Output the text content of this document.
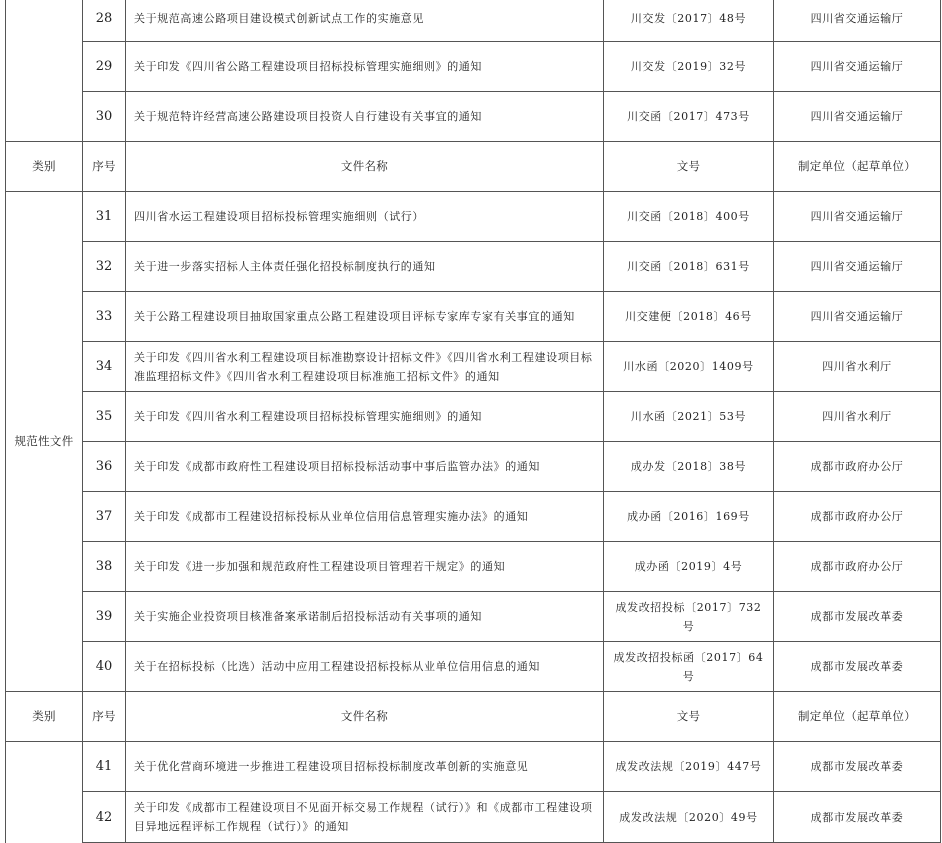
	28	关于规范高速公路项目建设模式创新试点工作的实施意见	川交发〔2017〕48号	四川省交通运输厅
	29	关于印发《四川省公路工程建设项目招标投标管理实施细则》的通知	川交发〔2019〕32号	四川省交通运输厅
	30	关于规范特许经营高速公路建设项目投资人自行建设有关事宜的通知	川交函〔2017〕473号	四川省交通运输厅
类别	序号	文件名称	文号	制定单位（起草单位）
规范性文件	31	四川省水运工程建设项目招标投标管理实施细则（试行）	川交函〔2018〕400号	四川省交通运输厅
	32	关于进一步落实招标人主体责任强化招投标制度执行的通知	川交函〔2018〕631号	四川省交通运输厅
	33	关于公路工程建设项目抽取国家重点公路工程建设项目评标专家库专家有关事宜的通知	川交建便〔2018〕46号	四川省交通运输厅
	34	关于印发《四川省水利工程建设项目标准勘察设计招标文件》《四川省水利工程建设项目标准监理招标文件》《四川省水利工程建设项目标准施工招标文件》的通知	川水函〔2020〕1409号	四川省水利厅
	35	关于印发《四川省水利工程建设项目招标投标管理实施细则》的通知	川水函〔2021〕53号	四川省水利厅
	36	关于印发《成都市政府性工程建设项目招标投标活动事中事后监管办法》的通知	成办发〔2018〕38号	成都市政府办公厅
	37	关于印发《成都市工程建设招标投标从业单位信用信息管理实施办法》的通知	成办函〔2016〕169号	成都市政府办公厅
	38	关于印发《进一步加强和规范政府性工程建设项目管理若干规定》的通知	成办函〔2019〕4号	成都市政府办公厅
	39	关于实施企业投资项目核准备案承诺制后招投标活动有关事项的通知	成发改招投标〔2017〕732号	成都市发展改革委
	40	关于在招标投标（比选）活动中应用工程建设招标投标从业单位信用信息的通知	成发改招投标函〔2017〕64号	成都市发展改革委
类别	序号	文件名称	文号	制定单位（起草单位）
	41	关于优化营商环境进一步推进工程建设项目招标投标制度改革创新的实施意见	成发改法规〔2019〕447号	成都市发展改革委
	42	关于印发《成都市工程建设项目不见面开标交易工作规程（试行）》和《成都市工程建设项目异地远程评标工作规程（试行）》的通知	成发改法规〔2020〕49号	成都市发展改革委
